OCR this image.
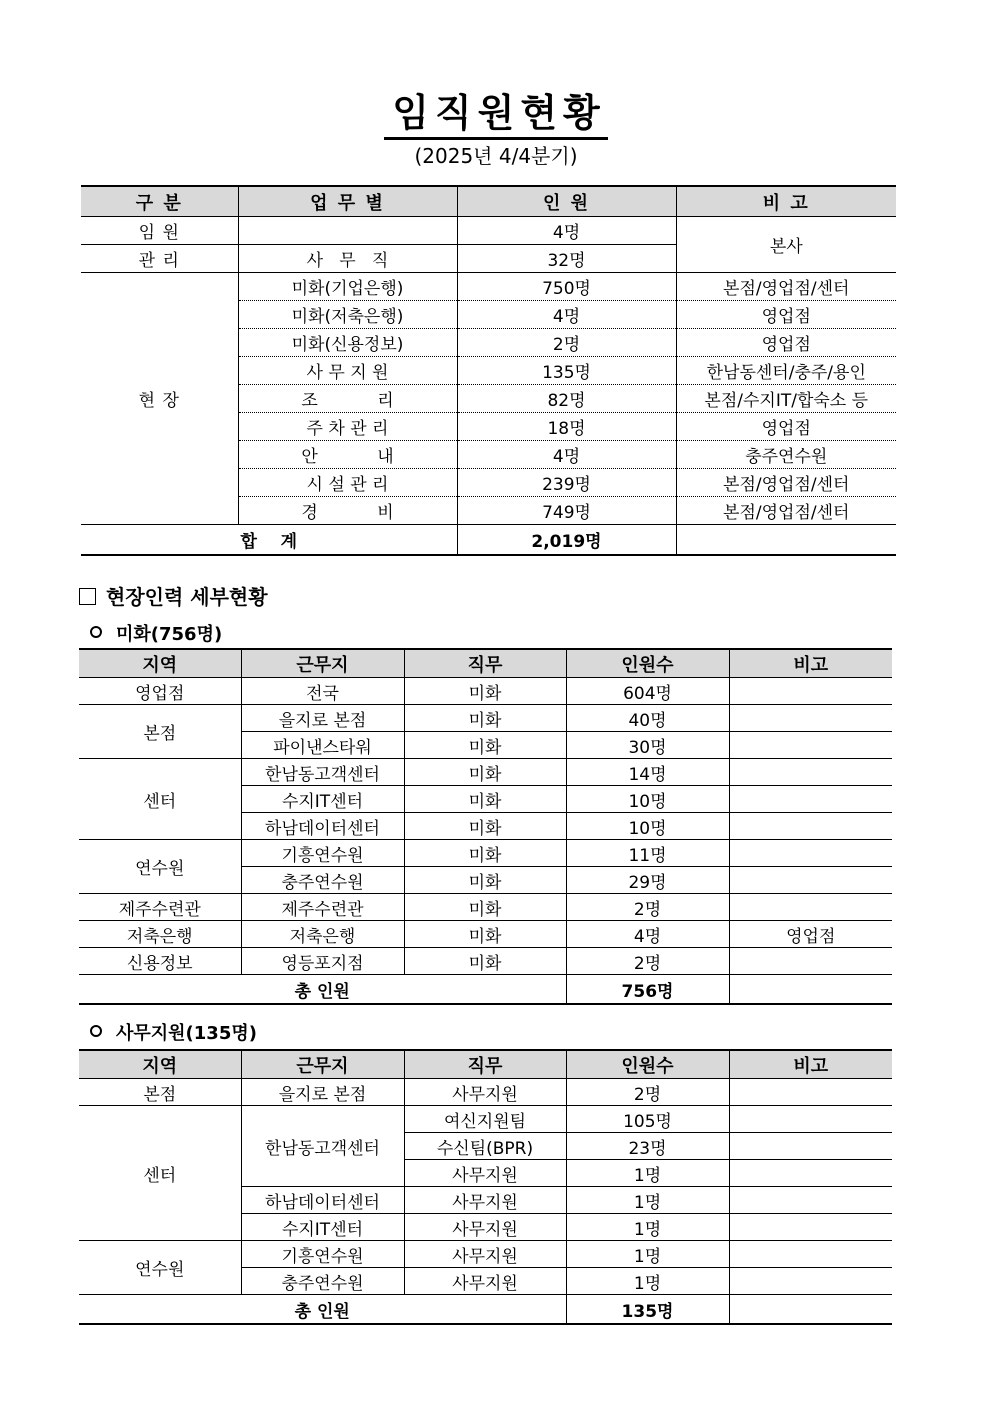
임직원현황
(2025년 4/4분기)
구 분	업 무 별	인 원	비 고
임 원		4명	본사
관 리	사   무   직	32명	
현 장	미화(기업은행)	750명	본점/영업점/센터
	미화(저축은행)	4명	영업점
	미화(신용정보)	2명	영업점
	사 무 지 원	135명	한남동센터/충주/용인
	조           리	82명	본점/수지IT/합숙소 등
	주 차 관 리	18명	영업점
	안           내	4명	충주연수원
	시 설 관 리	239명	본점/영업점/센터
	경           비	749명	본점/영업점/센터
합    계		2,019명	
현장인력 세부현황
미화(756명)
지역	근무지	직무	인원수	비고
영업점	전국	미화	604명	
본점	을지로 본점	미화	40명	
	파이낸스타워	미화	30명	
센터	한남동고객센터	미화	14명	
	수지IT센터	미화	10명	
	하남데이터센터	미화	10명	
연수원	기흥연수원	미화	11명	
	충주연수원	미화	29명	
제주수련관	제주수련관	미화	2명	
저축은행	저축은행	미화	4명	영업점
신용정보	영등포지점	미화	2명	
총 인원			756명	
사무지원(135명)
지역	근무지	직무	인원수	비고
본점	을지로 본점	사무지원	2명	
센터	한남동고객센터	여신지원팀	105명	
		수신팀(BPR)	23명	
		사무지원	1명	
	하남데이터센터	사무지원	1명	
	수지IT센터	사무지원	1명	
연수원	기흥연수원	사무지원	1명	
	충주연수원	사무지원	1명	
총 인원			135명	
